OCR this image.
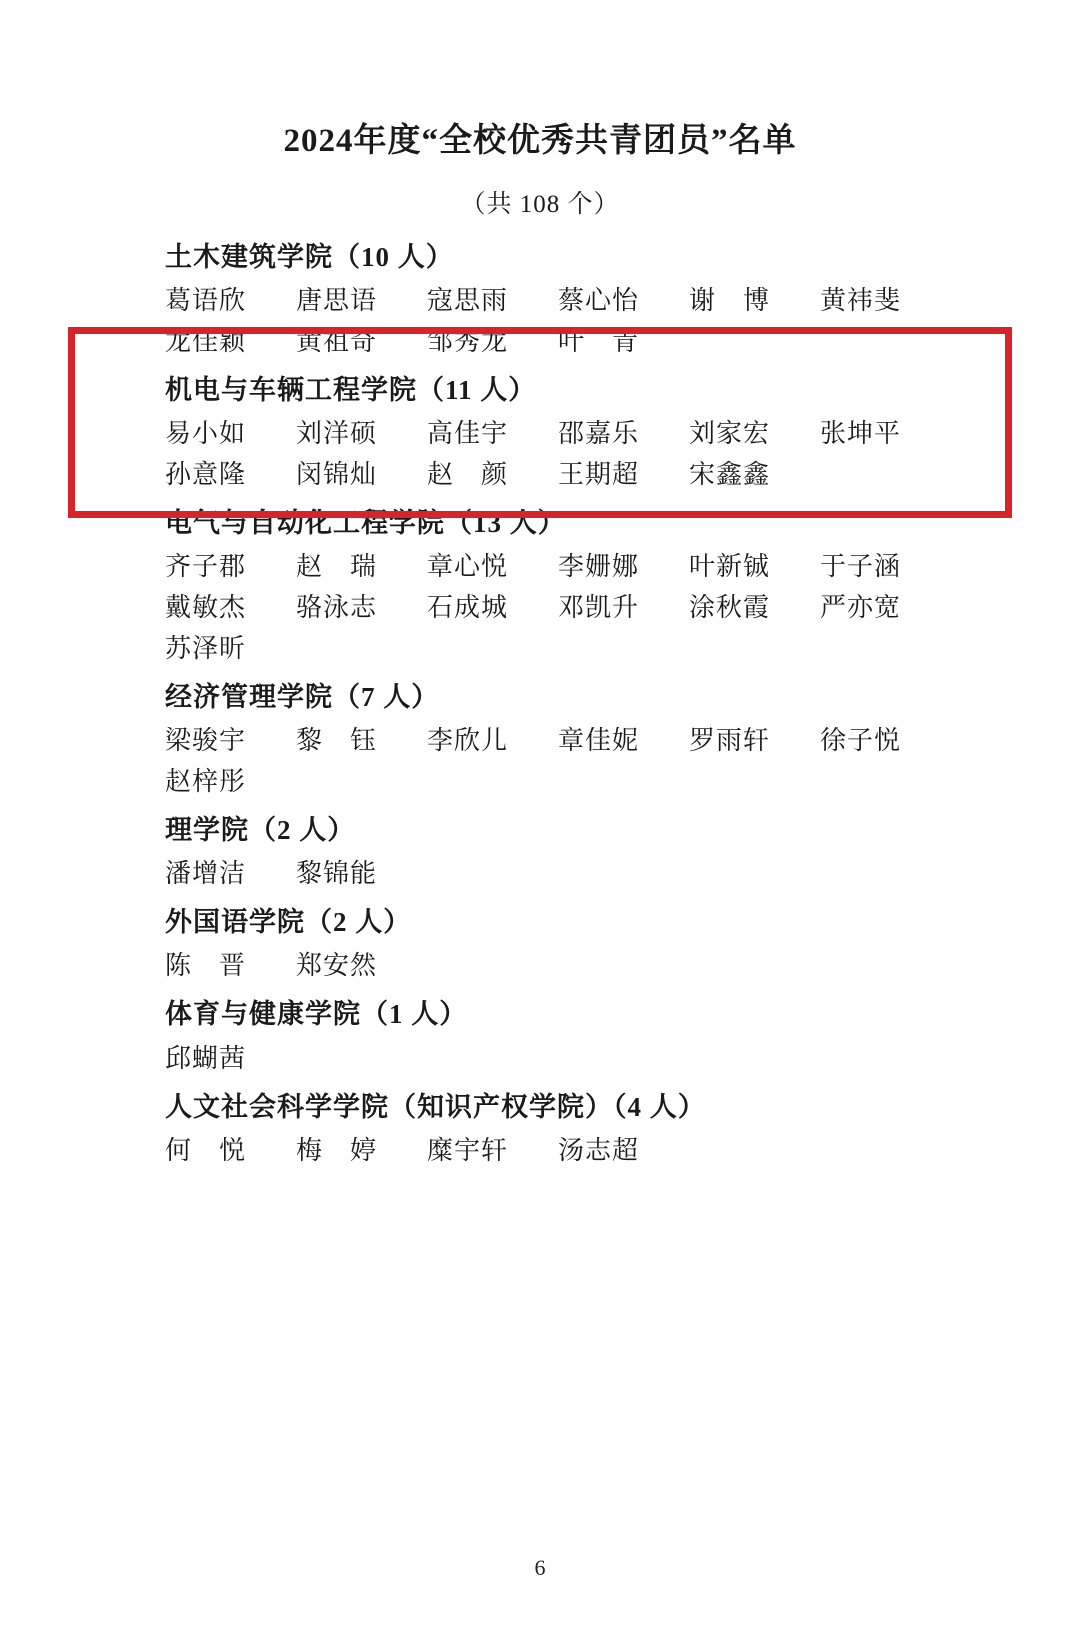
2024年度“全校优秀共青团员”名单
（共 108 个）
土木建筑学院（10 人）
葛语欣	唐思语	寇思雨	蔡心怡	谢　博	黄祎斐
龙佳颖	黄祖奇	邹秀龙	叶　青
机电与车辆工程学院（11 人）
易小如	刘洋硕	高佳宇	邵嘉乐	刘家宏	张坤平
孙意隆	闵锦灿	赵　颜	王期超	宋鑫鑫
电气与自动化工程学院（13 人）
齐子郡	赵　瑞	章心悦	李姗娜	叶新铖	于子涵
戴敏杰	骆泳志	石成城	邓凯升	涂秋霞	严亦宽
苏泽昕
经济管理学院（7 人）
梁骏宇	黎　钰	李欣儿	章佳妮	罗雨轩	徐子悦
赵梓彤
理学院（2 人）
潘增洁	黎锦能
外国语学院（2 人）
陈　晋	郑安然
体育与健康学院（1 人）
邱蝴茜
人文社会科学学院（知识产权学院）（4 人）
何　悦	梅　婷	糜宇轩	汤志超
6
